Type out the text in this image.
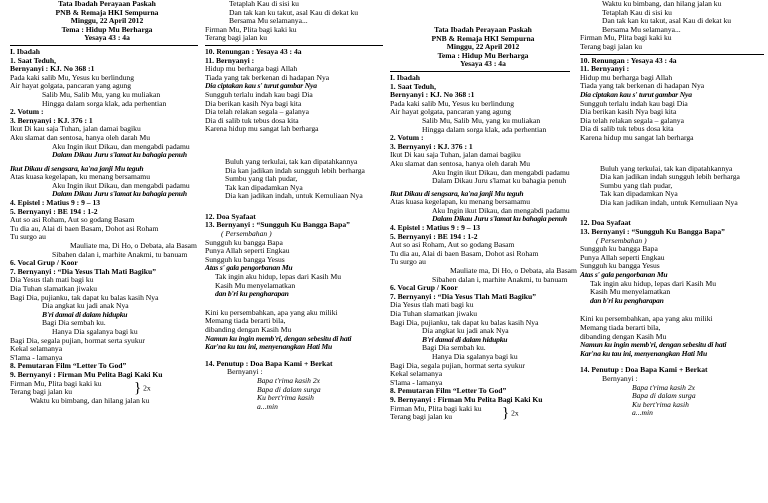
Tata Ibadah Perayaan Paskah
PNB & Remaja HKI Sempurna
Minggu, 22 April 2012
Tema : Hidup Mu Berharga
Yesaya 43 : 4a
I. Ibadah
1. Saat Teduh,
Bernyanyi : KJ. No 368 :1
Pada kaki salib Mu, Yesus ku berlindung
Air hayat golgata, pancaran yang agung
Salib Mu, Salib Mu, yang ku muliakan
Hingga dalam sorga klak, ada perhentian
2. Votum :
3. Bernyanyi : KJ. 376 : 1
Ikut Di kau saja Tuhan, jalan damai bagiku
Aku slamat dan sentosa, hanya oleh darah Mu
Aku Ingin ikut Dikau, dan mengabdi padamu
Dalam Dikau Juru s'lamat ku bahagia penuh
Ikut Dikau di sengsara, ka'na janji Mu teguh
Atas kuasa kegelapan, ku menang bersamamu
Aku Ingin ikut Dikau, dan mengabdi padamu
Dalam Dikau Juru s'lamat ku bahagia penuh
4. Epistel : Matius 9 : 9 – 13
5. Bernyanyi : BE 194 : 1-2
Aut so asi Roham, Aut so godang Basam
Tu dia au, Alai di baen Basam, Dohot asi Roham
Tu surgo au
Mauliate ma, Di Ho, o Debata, ala Basam
Sibahen dalan i, marhite Anakmi, tu banuam
6. Vocal Grup / Koor
7. Bernyanyi : “Dia Yesus Tlah Mati Bagiku”
Dia Yesus tlah mati bagi ku
Dia Tuhan slamatkan jiwaku
Bagi Dia, pujianku, tak dapat ku balas kasih Nya
Dia angkat ku jadi anak Nya
B'ri damai di dalam hidupku
Bagi Dia sembah ku.
Hanya Dia sgalanya bagi ku
Bagi Dia, segala pujian, hormat serta syukur
Kekal selamanya
S'lama - lamanya
8. Pemutaran Film “Letter To God”
9. Bernyanyi : Firman Mu Pelita Bagi Kaki Ku
Firman Mu, Plita bagi kaki ku
Terang bagi jalan ku	} 2x
Waktu ku bimbang, dan hilang jalan ku
Tetaplah Kau di sisi ku
Dan tak kan ku takut, asal Kau di dekat ku
Bersama Mu selamanya...
Firman Mu, Plita bagi kaki ku
Terang bagi jalan ku
10. Renungan : Yesaya 43 : 4a
11. Bernyanyi :
Hidup mu berharga bagi Allah
Tiada yang tak berkenan di hadapan Nya
Dia ciptakan kau s' turut gambar Nya
Sungguh terlalu indah kau bagi Dia
Dia berikan kasih Nya bagi kita
Dia telah relakan segala – galanya
Dia di salib tuk tebus dosa kita
Karena hidup mu sangat lah berharga
Buluh yang terkulai, tak kan dipatahkannya
Dia kan jadikan indah sungguh lebih berharga
Sumbu yang tlah pudar,
Tak kan dipadamkan Nya
Dia kan jadikan indah, untuk Kemuliaan Nya
12. Doa Syafaat
13. Bernyanyi : “Sungguh Ku Bangga Bapa”
( Persembahan )
Sungguh ku bangga Bapa
Punya Allah seperti Engkau
Sungguh ku bangga Yesus
Atas s' gala pengorbanan Mu
Tak ingin aku hidup, lepas dari Kasih Mu
Kasih Mu menyelamatkan
dan b'ri ku pengharapan
Kini ku persembahkan, apa yang aku miliki
Memang tiada berarti bila,
dibanding dengan Kasih Mu
Namun ku ingin memb'ri, dengan sebesitu di hati
Kar'na ku tau ini, menyenangkan Hati Mu
14. Penutup : Doa Bapa Kami + Berkat
Bernyanyi :
Bapa t'rima kasih 2x
Bapa di dalam surga
Ku bert'rima kasih
a...min
Tata Ibadah Perayaan Paskah
PNB & Remaja HKI Sempurna
Minggu, 22 April 2012
Tema : Hidup Mu Berharga
Yesaya 43 : 4a
I. Ibadah
1. Saat Teduh,
Bernyanyi : KJ. No 368 :1
Pada kaki salib Mu, Yesus ku berlindung
Air hayat golgata, pancaran yang agung
Salib Mu, Salib Mu, yang ku muliakan
Hingga dalam sorga klak, ada perhentian
2. Votum :
3. Bernyanyi : KJ. 376 : 1
Ikut Di kau saja Tuhan, jalan damai bagiku
Aku slamat dan sentosa, hanya oleh darah Mu
Aku Ingin ikut Dikau, dan mengabdi padamu
Dalam Dikau Juru s'lamat ku bahagia penuh
Ikut Dikau di sengsara, ka'na janji Mu teguh
Atas kuasa kegelapan, ku menang bersamamu
Aku Ingin ikut Dikau, dan mengabdi padamu
Dalam Dikau Juru s'lamat ku bahagia penuh
4. Epistel : Matius 9 : 9 – 13
5. Bernyanyi : BE 194 : 1-2
Aut so asi Roham, Aut so godang Basam
Tu dia au, Alai di baen Basam, Dohot asi Roham
Tu surgo au
Mauliate ma, Di Ho, o Debata, ala Basam
Sibahen dalan i, marhite Anakmi, tu banuam
6. Vocal Grup / Koor
7. Bernyanyi : “Dia Yesus Tlah Mati Bagiku”
Dia Yesus tlah mati bagi ku
Dia Tuhan slamatkan jiwaku
Bagi Dia, pujianku, tak dapat ku balas kasih Nya
Dia angkat ku jadi anak Nya
B'ri damai di dalam hidupku
Bagi Dia sembah ku.
Hanya Dia sgalanya bagi ku
Bagi Dia, segala pujian, hormat serta syukur
Kekal selamanya
S'lama - lamanya
8. Pemutaran Film “Letter To God”
9. Bernyanyi : Firman Mu Pelita Bagi Kaki Ku
Firman Mu, Plita bagi kaki ku
Terang bagi jalan ku	} 2x
Waktu ku bimbang, dan hilang jalan ku
Tetaplah Kau di sisi ku
Dan tak kan ku takut, asal Kau di dekat ku
Bersama Mu selamanya...
Firman Mu, Plita bagi kaki ku
Terang bagi jalan ku
10. Renungan : Yesaya 43 : 4a
11. Bernyanyi :
Hidup mu berharga bagi Allah
Tiada yang tak berkenan di hadapan Nya
Dia ciptakan kau s' turut gambar Nya
Sungguh terlalu indah kau bagi Dia
Dia berikan kasih Nya bagi kita
Dia telah relakan segala – galanya
Dia di salib tuk tebus dosa kita
Karena hidup mu sangat lah berharga
Buluh yang terkulai, tak kan dipatahkannya
Dia kan jadikan indah sungguh lebih berharga
Sumbu yang tlah pudar,
Tak kan dipadamkan Nya
Dia kan jadikan indah, untuk Kemuliaan Nya
12. Doa Syafaat
13. Bernyanyi : “Sungguh Ku Bangga Bapa”
( Persembahan )
Sungguh ku bangga Bapa
Punya Allah seperti Engkau
Sungguh ku bangga Yesus
Atas s' gala pengorbanan Mu
Tak ingin aku hidup, lepas dari Kasih Mu
Kasih Mu menyelamatkan
dan b'ri ku pengharapan
Kini ku persembahkan, apa yang aku miliki
Memang tiada berarti bila,
dibanding dengan Kasih Mu
Namun ku ingin memb'ri, dengan sebesitu di hati
Kar'na ku tau ini, menyenangkan Hati Mu
14. Penutup : Doa Bapa Kami + Berkat
Bernyanyi :
Bapa t'rima kasih 2x
Bapa di dalam surga
Ku bert'rima kasih
a...min
